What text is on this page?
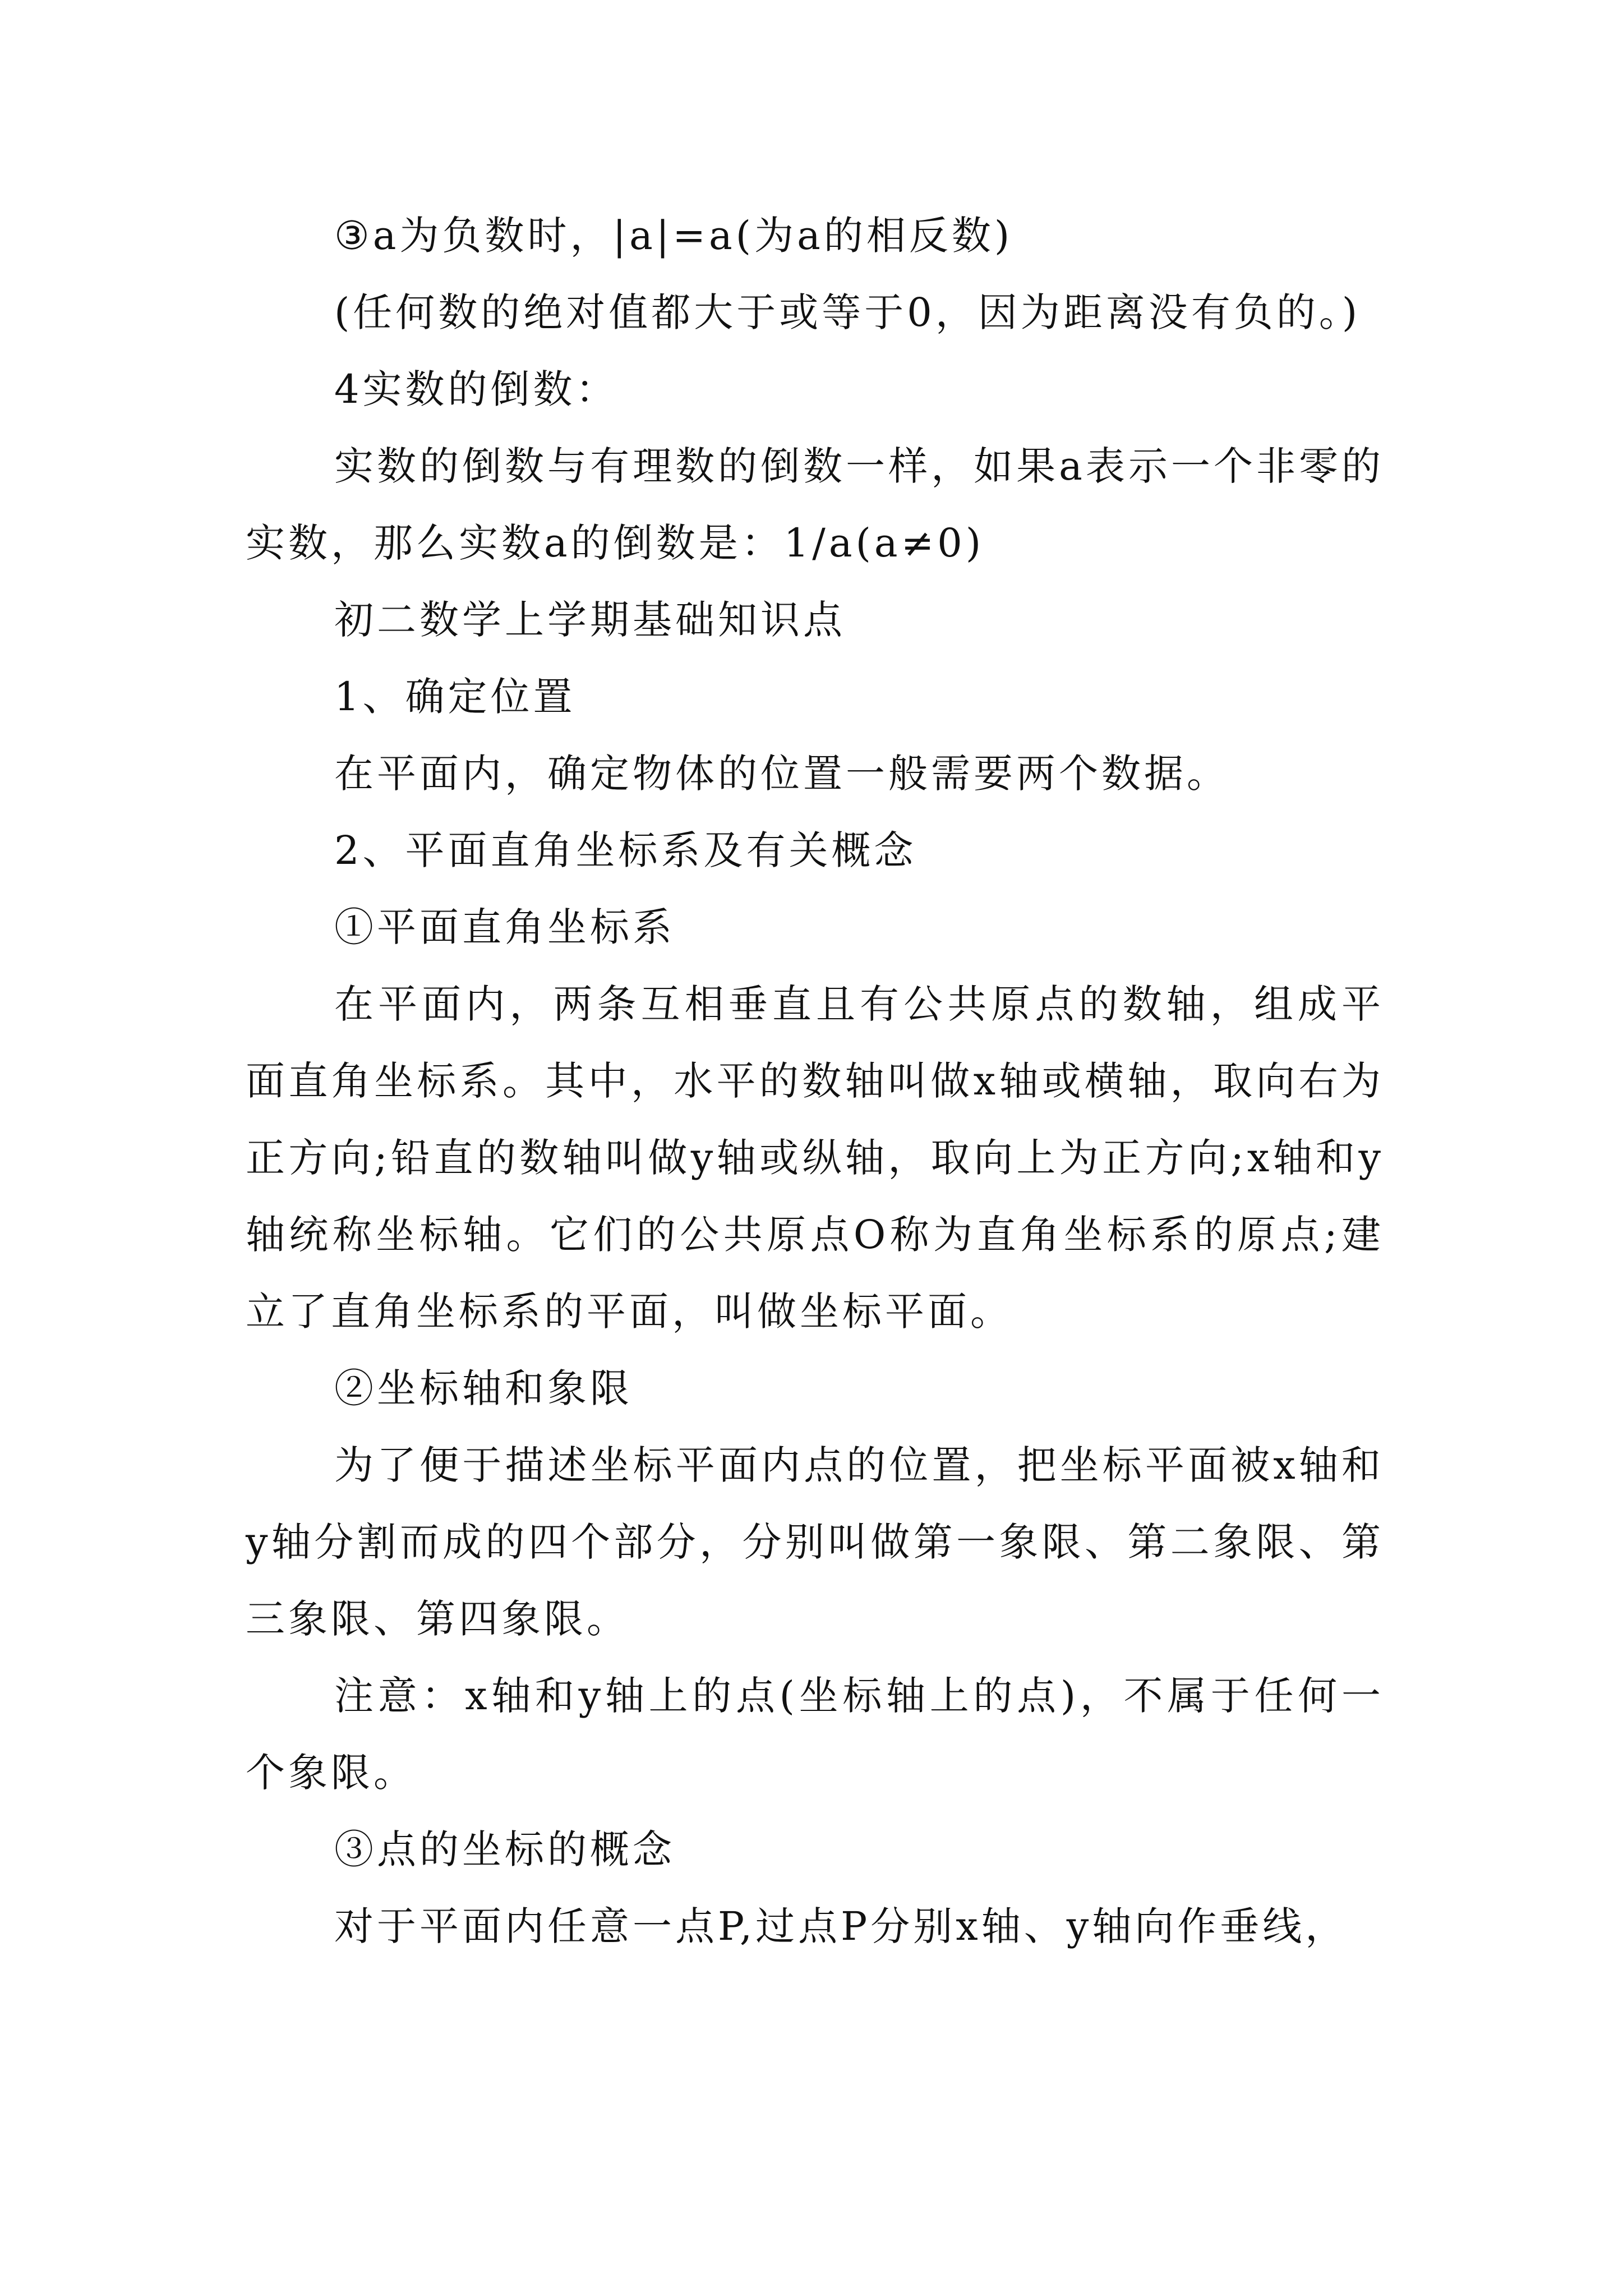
③a为负数时，|a|=a(为a的相反数)

(任何数的绝对值都大于或等于0，因为距离没有负的。)

4实数的倒数：

实数的倒数与有理数的倒数一样，如果a表示一个非零的实数，那么实数a的倒数是：1/a(a≠0)

初二数学上学期基础知识点

1、确定位置

在平面内，确定物体的位置一般需要两个数据。

2、平面直角坐标系及有关概念

①平面直角坐标系

在平面内，两条互相垂直且有公共原点的数轴，组成平面直角坐标系。其中，水平的数轴叫做x轴或横轴，取向右为正方向;铅直的数轴叫做y轴或纵轴，取向上为正方向;x轴和y轴统称坐标轴。它们的公共原点O称为直角坐标系的原点;建立了直角坐标系的平面，叫做坐标平面。

②坐标轴和象限

为了便于描述坐标平面内点的位置，把坐标平面被x轴和y轴分割而成的四个部分，分别叫做第一象限、第二象限、第三象限、第四象限。

注意：x轴和y轴上的点(坐标轴上的点)，不属于任何一个象限。

③点的坐标的概念

对于平面内任意一点P,过点P分别x轴、y轴向作垂线，
